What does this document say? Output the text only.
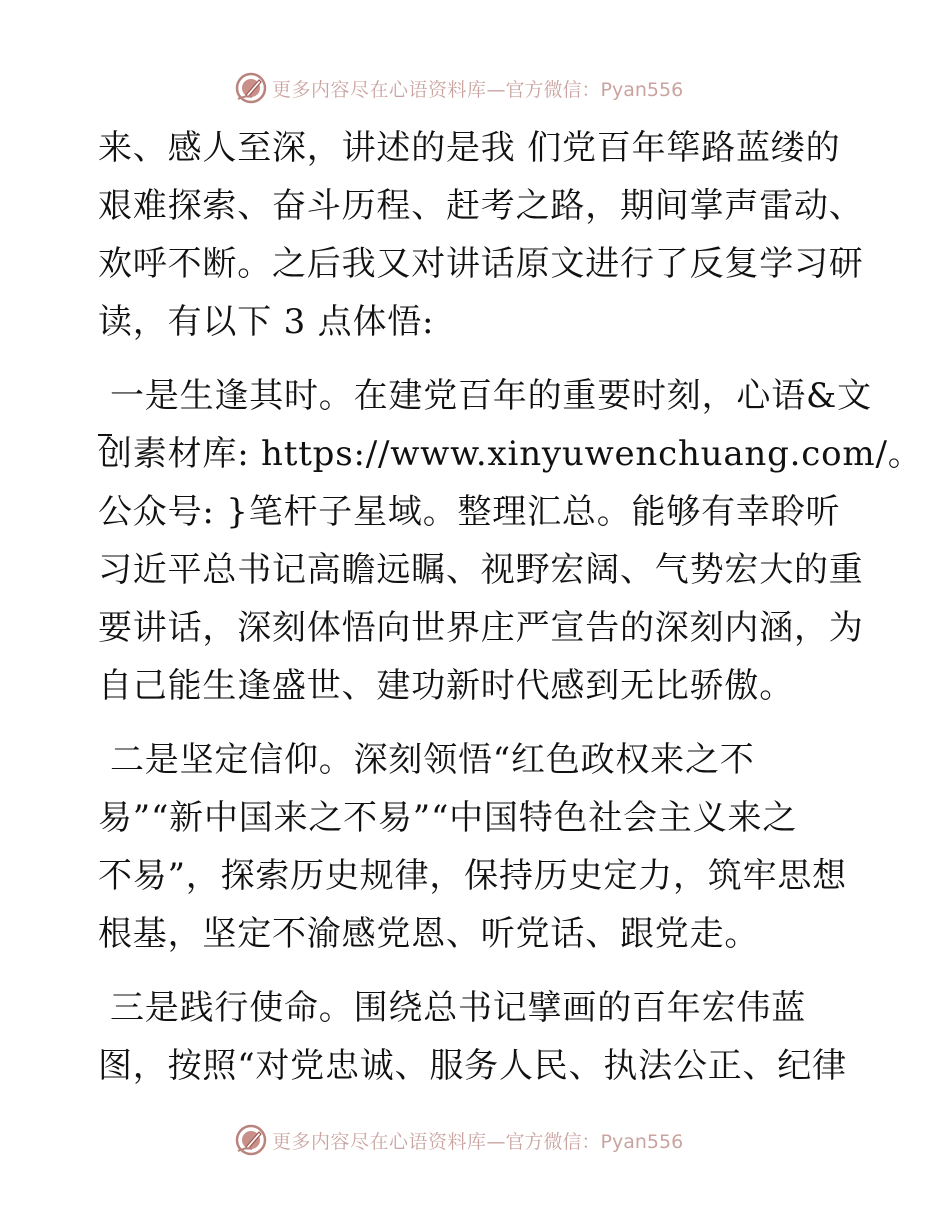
更多内容尽在心语资料库 —官方微信：Pyan556
来、感人至深，讲述的是我 们党百年筚路蓝缕的
艰难探索、奋斗历程、赶考之路，期间掌声雷动、
欢呼不断。之后我又对讲话原文进行了反复学习研
读，有以下 3 点体悟:
一是生逢其时。在建党百年的重要时刻，心语&文
创素材库: https://www.xinyuwenchuang.com/。
公众号: }笔杆子星域。整理汇总。能够有幸聆听
习近平总书记高瞻远瞩、视野宏阔、气势宏大的重
要讲话，深刻体悟向世界庄严宣告的深刻内涵，为
自己能生逢盛世、建功新时代感到无比骄傲。
二是坚定信仰。深刻领悟“红色政权来之不
易”“新中国来之不易”“中国特色社会主义来之
不易”，探索历史规律，保持历史定力，筑牢思想
根基，坚定不渝感党恩、听党话、跟党走。
三是践行使命。围绕总书记擘画的百年宏伟蓝
图，按照“对党忠诚、服务人民、执法公正、纪律
更多内容尽在心语资料库 —官方微信：Pyan556
